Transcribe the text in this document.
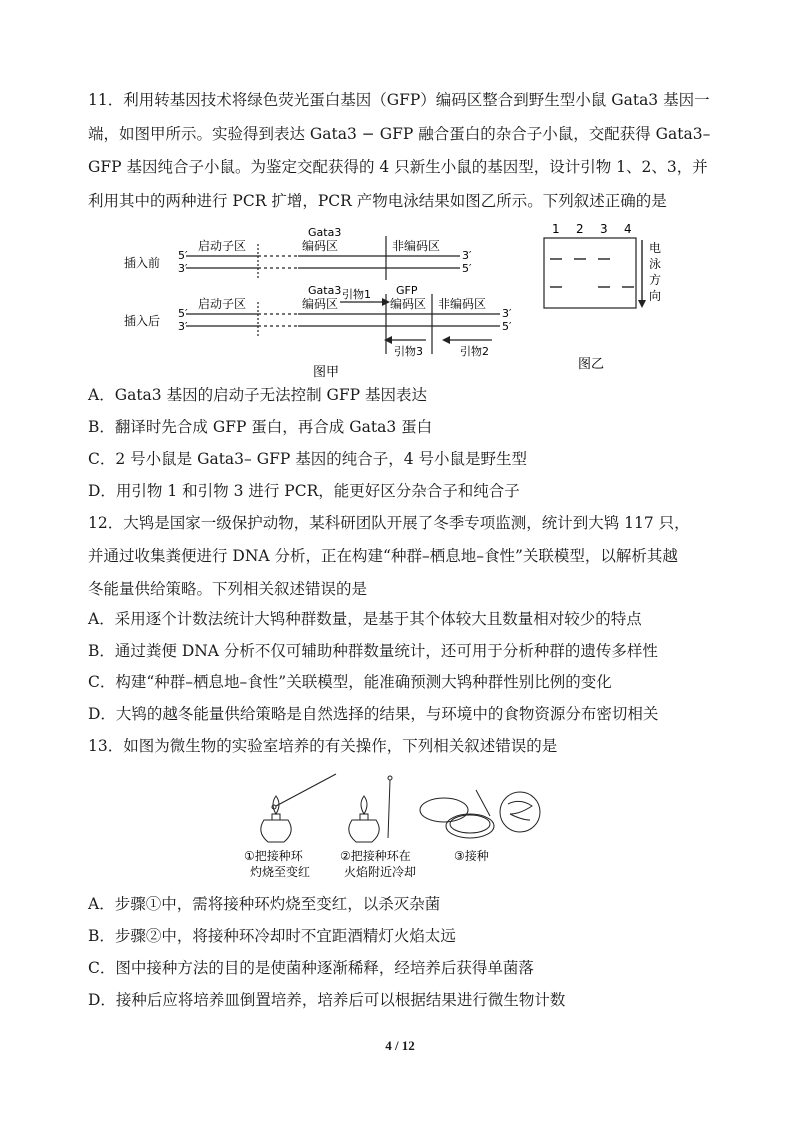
11．利用转基因技术将绿色荧光蛋白基因（GFP）编码区整合到野生型小鼠 Gata3 基因一
端，如图甲所示。实验得到表达 Gata3 − GFP 融合蛋白的杂合子小鼠，交配获得 Gata3–
GFP 基因纯合子小鼠。为鉴定交配获得的 4 只新生小鼠的基因型，设计引物 1、2、3，并
利用其中的两种进行 PCR 扩增，PCR 产物电泳结果如图乙所示。下列叙述正确的是
插入前
插入后
5′
3′
3′
5′
5′
3′
3′
5′
启动子区
Gata3
编码区	非编码区
启动子区
Gata3
编码区
引物1 GFP
编码区 非编码区
引物3	引物2
图甲
1 2 3 4
电
泳
方
向
图乙
A．Gata3 基因的启动子无法控制 GFP 基因表达
B．翻译时先合成 GFP 蛋白，再合成 Gata3 蛋白
C．2 号小鼠是 Gata3– GFP 基因的纯合子，4 号小鼠是野生型
D．用引物 1 和引物 3 进行 PCR，能更好区分杂合子和纯合子
12．大鸨是国家一级保护动物，某科研团队开展了冬季专项监测，统计到大鸨 117 只，
并通过收集粪便进行 DNA 分析，正在构建“种群–栖息地–食性”关联模型，以解析其越
冬能量供给策略。下列相关叙述错误的是
A．采用逐个计数法统计大鸨种群数量，是基于其个体较大且数量相对较少的特点
B．通过粪便 DNA 分析不仅可辅助种群数量统计，还可用于分析种群的遗传多样性
C．构建“种群–栖息地–食性”关联模型，能准确预测大鸨种群性别比例的变化
D．大鸨的越冬能量供给策略是自然选择的结果，与环境中的食物资源分布密切相关
13．如图为微生物的实验室培养的有关操作，下列相关叙述错误的是
①把接种环
灼烧至变红
②把接种环在
火焰附近冷却
③接种
A．步骤①中，需将接种环灼烧至变红，以杀灭杂菌
B．步骤②中，将接种环冷却时不宜距酒精灯火焰太远
C．图中接种方法的目的是使菌种逐渐稀释，经培养后获得单菌落
D．接种后应将培养皿倒置培养，培养后可以根据结果进行微生物计数
4 / 12
